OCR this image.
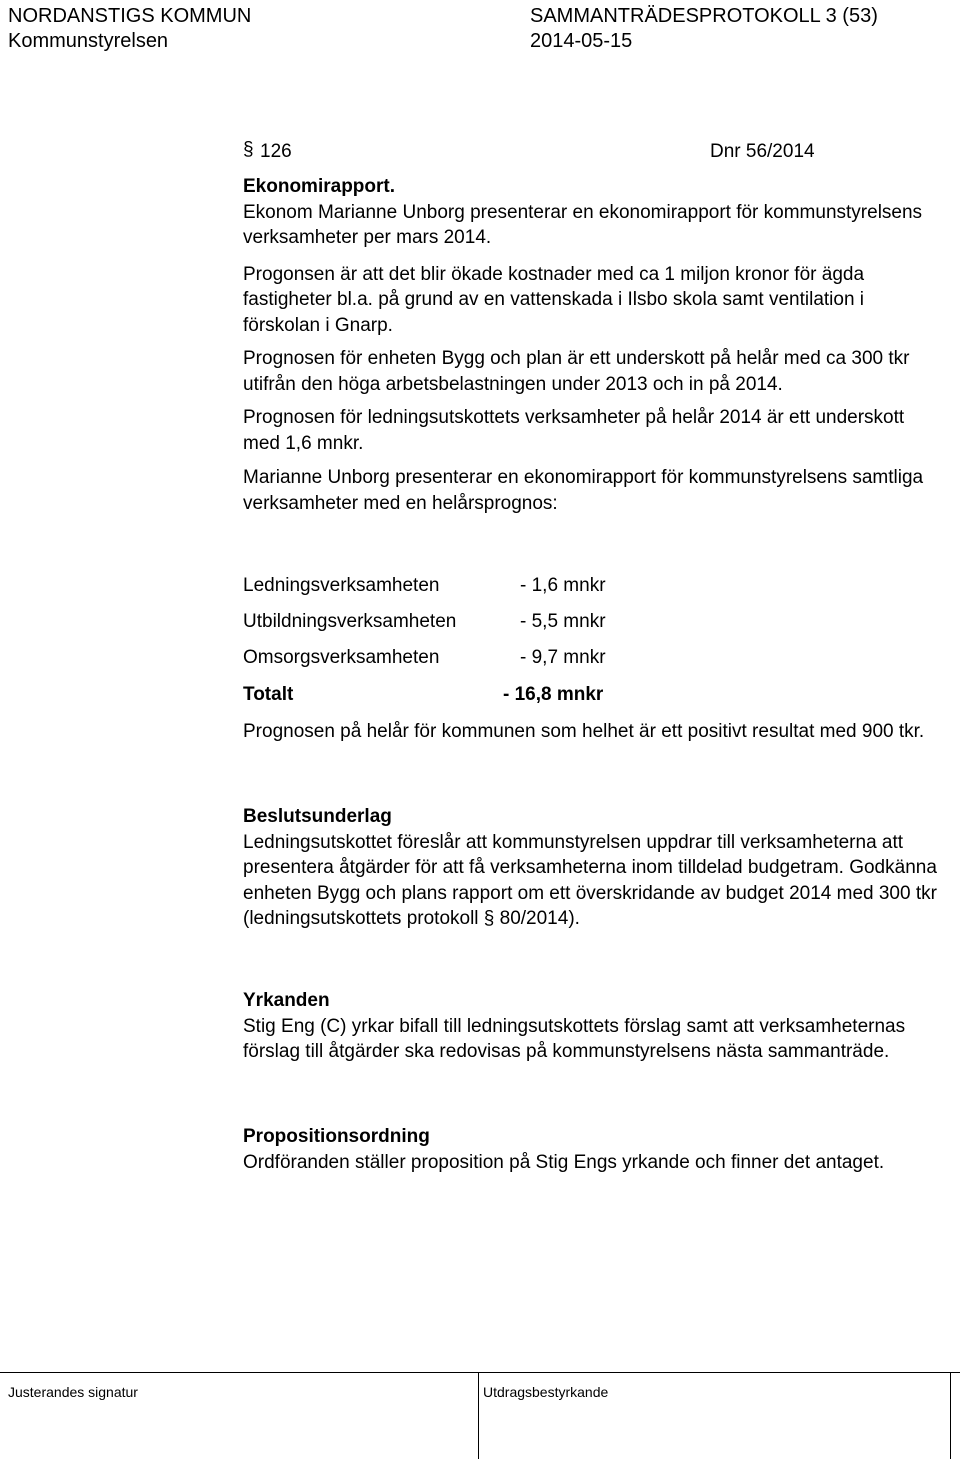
NORDANSTIGS KOMMUN
Kommunstyrelsen
SAMMANTRÄDESPROTOKOLL 3 (53)
2014-05-15
§ 126	Dnr 56/2014

Ekonomirapport.

Ekonom Marianne Unborg presenterar en ekonomirapport för kommunstyrelsens verksamheter per mars 2014.

Progonsen är att det blir ökade kostnader med ca 1 miljon kronor för ägda fastigheter bl.a. på grund av en vattenskada i Ilsbo skola samt ventilation i förskolan i Gnarp.

Prognosen för enheten Bygg och plan är ett underskott på helår med ca 300 tkr utifrån den höga arbetsbelastningen under 2013 och in på 2014.

Prognosen för ledningsutskottets verksamheter på helår 2014 är ett underskott med 1,6 mnkr.

Marianne Unborg presenterar en ekonomirapport för kommunstyrelsens samtliga verksamheter med en helårsprognos:

Ledningsverksamheten	- 1,6 mnkr
Utbildningsverksamheten	- 5,5 mnkr
Omsorgsverksamheten	- 9,7 mnkr
Totalt	- 16,8 mnkr

Prognosen på helår för kommunen som helhet är ett positivt resultat med 900 tkr.

Beslutsunderlag

Ledningsutskottet föreslår att kommunstyrelsen uppdrar till verksamheterna att presentera åtgärder för att få verksamheterna inom tilldelad budgetram. Godkänna enheten Bygg och plans rapport om ett överskridande av budget 2014 med 300 tkr (ledningsutskottets protokoll § 80/2014).

Yrkanden

Stig Eng (C) yrkar bifall till ledningsutskottets förslag samt att verksamheternas förslag till åtgärder ska redovisas på kommunstyrelsens nästa sammanträde.

Propositionsordning

Ordföranden ställer proposition på Stig Engs yrkande och finner det antaget.

Justerandes signatur	Utdragsbestyrkande
